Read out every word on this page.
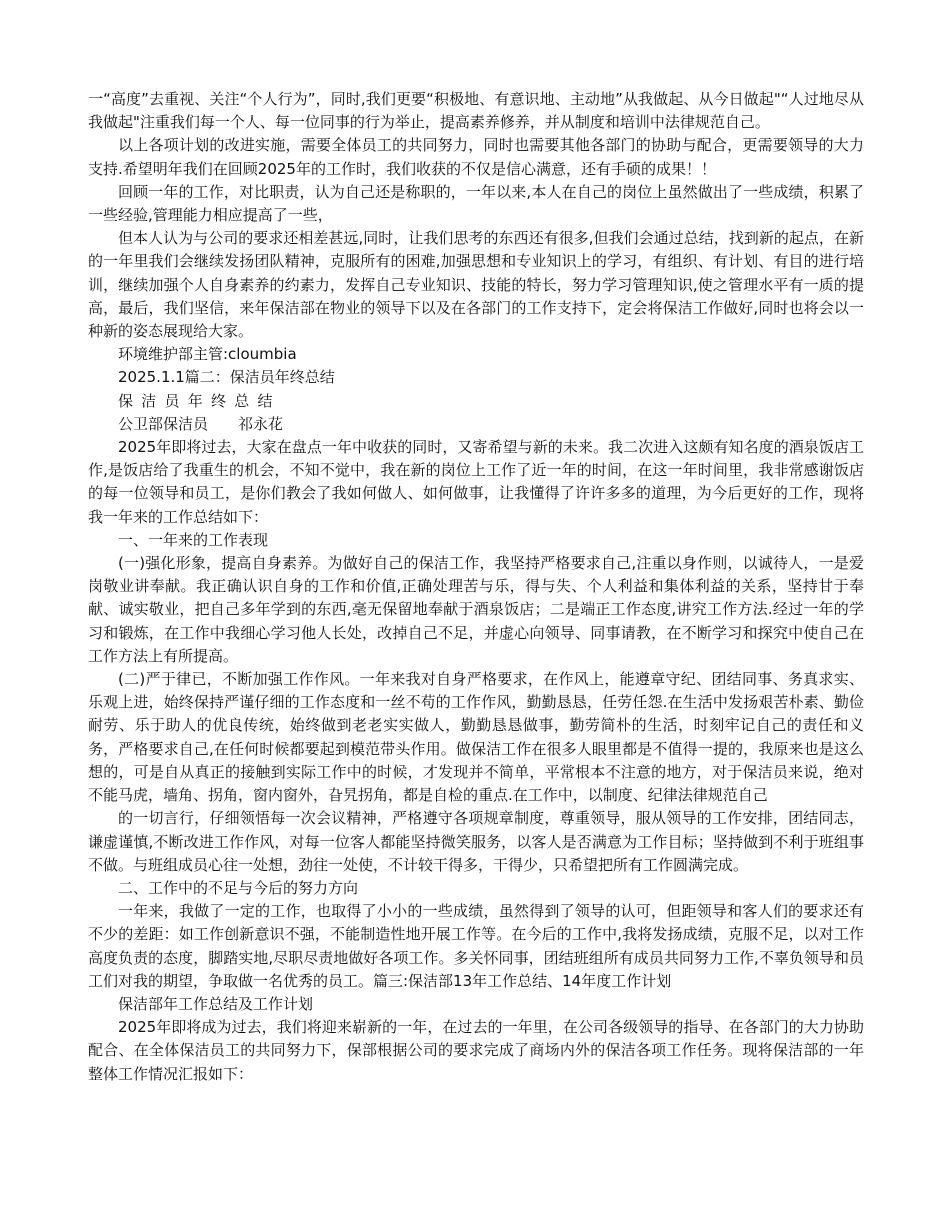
一“高度”去重视、关注“个人行为”，同时,我们更要“积极地、有意识地、主动地”从我做起、从今日做起"“人过地尽从我做起"注重我们每一个人、每一位同事的行为举止，提高素养修养，并从制度和培训中法律规范自己。

以上各项计划的改进实施，需要全体员工的共同努力，同时也需要其他各部门的协助与配合，更需要领导的大力支持.希望明年我们在回顾2025年的工作时，我们收获的不仅是信心满意，还有手硕的成果！！

回顾一年的工作，对比职责，认为自己还是称职的，一年以来,本人在自己的岗位上虽然做出了一些成绩，积累了一些经验,管理能力相应提高了一些，

但本人认为与公司的要求还相差甚远,同时，让我们思考的东西还有很多,但我们会通过总结，找到新的起点，在新的一年里我们会继续发扬团队精神，克服所有的困难,加强思想和专业知识上的学习，有组织、有计划、有目的进行培训，继续加强个人自身素养的约素力，发挥自己专业知识、技能的特长，努力学习管理知识,使之管理水平有一质的提高，最后，我们坚信，来年保洁部在物业的领导下以及在各部门的工作支持下，定会将保洁工作做好,同时也将会以一种新的姿态展现给大家。

环境维护部主管:cloumbia

2025.1.1篇二：保洁员年终总结

保洁员年终总结

公卫部保洁员　　祁永花

2025年即将过去，大家在盘点一年中收获的同时，又寄希望与新的未来。我二次进入这颇有知名度的酒泉饭店工作,是饭店给了我重生的机会，不知不觉中，我在新的岗位上工作了近一年的时间，在这一年时间里，我非常感谢饭店的每一位领导和员工，是你们教会了我如何做人、如何做事，让我懂得了许许多多的道理，为今后更好的工作，现将我一年来的工作总结如下：

一、一年来的工作表现

(一)强化形象，提高自身素养。为做好自己的保洁工作，我坚持严格要求自己,注重以身作则，以诚待人，一是爱岗敬业讲奉献。我正确认识自身的工作和价值,正确处理苦与乐，得与失、个人利益和集体利益的关系，坚持甘于奉献、诚实敬业，把自己多年学到的东西,毫无保留地奉献于酒泉饭店；二是端正工作态度,讲究工作方法.经过一年的学习和锻炼，在工作中我细心学习他人长处，改掉自己不足，并虚心向领导、同事请教，在不断学习和探究中使自己在工作方法上有所提高。

(二)严于律已，不断加强工作作风。一年来我对自身严格要求，在作风上，能遵章守纪、团结同事、务真求实、乐观上进，始终保持严谨仔细的工作态度和一丝不苟的工作作风，勤勤恳恳，任劳任怨.在生活中发扬艰苦朴素、勤俭耐劳、乐于助人的优良传统，始终做到老老实实做人，勤勤恳恳做事，勤劳简朴的生活，时刻牢记自己的责任和义务，严格要求自己,在任何时候都要起到模范带头作用。做保洁工作在很多人眼里都是不值得一提的，我原来也是这么想的，可是自从真正的接触到实际工作中的时候，才发现并不简单，平常根本不注意的地方，对于保洁员来说，绝对不能马虎，墙角、拐角，窗内窗外，旮旯拐角，都是自检的重点.在工作中，以制度、纪律法律规范自己

的一切言行，仔细领悟每一次会议精神，严格遵守各项规章制度，尊重领导，服从领导的工作安排，团结同志，谦虚谨慎,不断改进工作作风，对每一位客人都能坚持微笑服务，以客人是否满意为工作目标；坚持做到不利于班组事不做。与班组成员心往一处想，劲往一处使，不计较干得多，干得少，只希望把所有工作圆满完成。

二、工作中的不足与今后的努力方向

一年来，我做了一定的工作，也取得了小小的一些成绩，虽然得到了领导的认可，但距领导和客人们的要求还有不少的差距：如工作创新意识不强，不能制造性地开展工作等。在今后的工作中,我将发扬成绩，克服不足，以对工作高度负责的态度，脚踏实地,尽职尽责地做好各项工作。多关怀同事，团结班组所有成员共同努力工作,不辜负领导和员工们对我的期望，争取做一名优秀的员工。篇三:保洁部13年工作总结、14年度工作计划

保洁部年工作总结及工作计划

2025年即将成为过去，我们将迎来崭新的一年，在过去的一年里，在公司各级领导的指导、在各部门的大力协助配合、在全体保洁员工的共同努力下，保部根据公司的要求完成了商场内外的保洁各项工作任务。现将保洁部的一年整体工作情况汇报如下：
